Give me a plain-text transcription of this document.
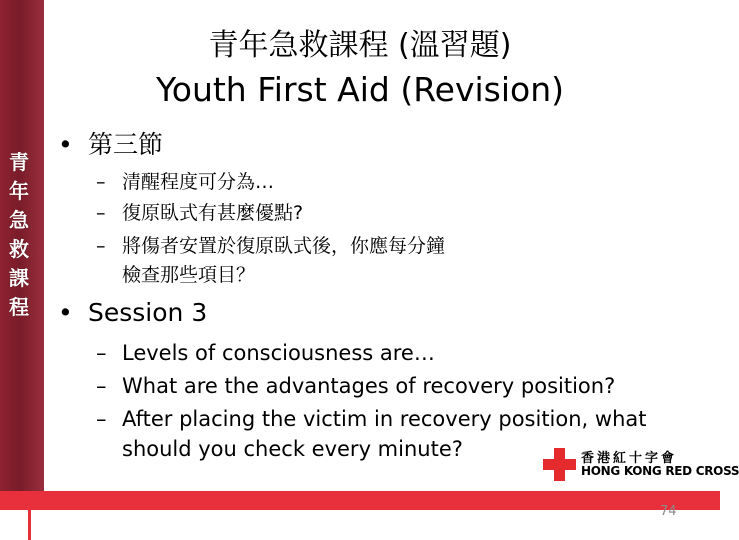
青
年
急
救
課
程
青年急救課程 (溫習題)
Youth First Aid (Revision)
• 第三節
– 清醒程度可分為…
– 復原臥式有甚麼優點?
– 將傷者安置於復原臥式後，你應每分鐘
檢查那些項目？
• Session 3
– Levels of consciousness are…
– What are the advantages of recovery position?
– After placing the victim in recovery position, what
should you check every minute?	香港紅十字會
HONG KONG RED CROSS
74
